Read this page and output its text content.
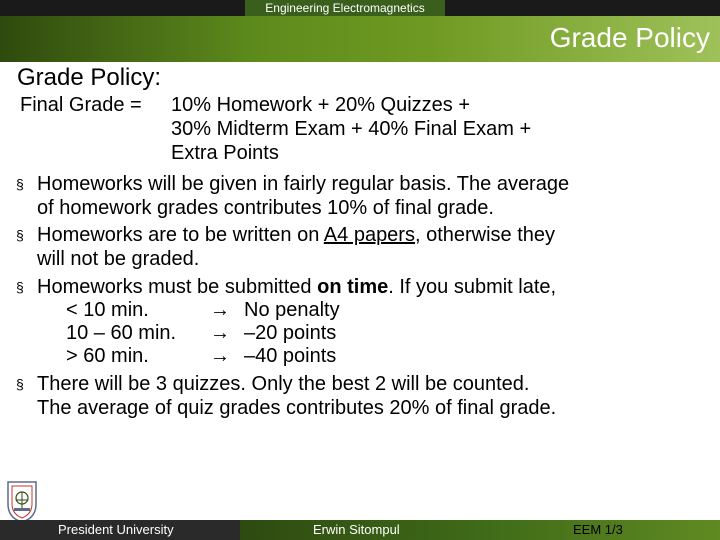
Engineering Electromagnetics
Grade Policy
Grade Policy:
Final Grade = 10% Homework + 20% Quizzes +
30% Midterm Exam + 40% Final Exam +
Extra Points
§ Homeworks will be given in fairly regular basis. The average
of homework grades contributes 10% of final grade.
§ Homeworks are to be written on A4 papers, otherwise they
will not be graded.
§ Homeworks must be submitted on time. If you submit late,
< 10 min.	→ No penalty
10 – 60 min. → –20 points
> 60 min.	→ –40 points
§ There will be 3 quizzes. Only the best 2 will be counted.
The average of quiz grades contributes 20% of final grade.
President University	Erwin Sitompul	EEM 1/3
